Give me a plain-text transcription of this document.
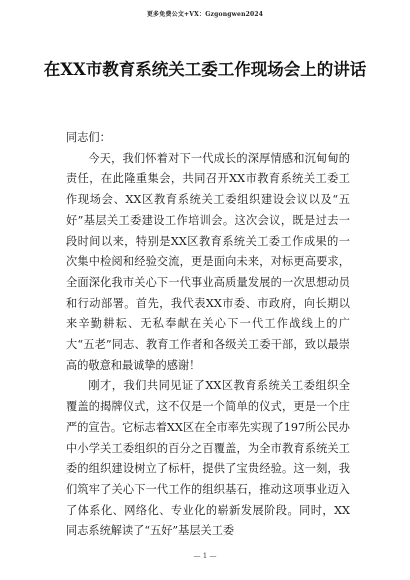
更多免费公文+VX：Gzgongwen2024
在XX市教育系统关工委工作现场会上的讲话

同志们：

今天，我们怀着对下一代成长的深厚情感和沉甸甸的责任，在此隆重集会，共同召开XX市教育系统关工委工作现场会、XX区教育系统关工委组织建设会议以及“五好”基层关工委建设工作培训会。这次会议，既是过去一段时间以来，特别是XX区教育系统关工委工作成果的一次集中检阅和经验交流，更是面向未来，对标更高要求，全面深化我市关心下一代事业高质量发展的一次思想动员和行动部署。首先，我代表XX市委、市政府，向长期以来辛勤耕耘、无私奉献在关心下一代工作战线上的广大“五老”同志、教育工作者和各级关工委干部，致以最崇高的敬意和最诚挚的感谢！

刚才，我们共同见证了XX区教育系统关工委组织全覆盖的揭牌仪式，这不仅是一个简单的仪式，更是一个庄严的宣告。它标志着XX区在全市率先实现了197所公民办中小学关工委组织的百分之百覆盖，为全市教育系统关工委的组织建设树立了标杆，提供了宝贵经验。这一刻，我们筑牢了关心下一代工作的组织基石，推动这项事业迈入了体系化、网络化、专业化的崭新发展阶段。同时，XX同志系统解读了“五好”基层关工委

— 1 —
